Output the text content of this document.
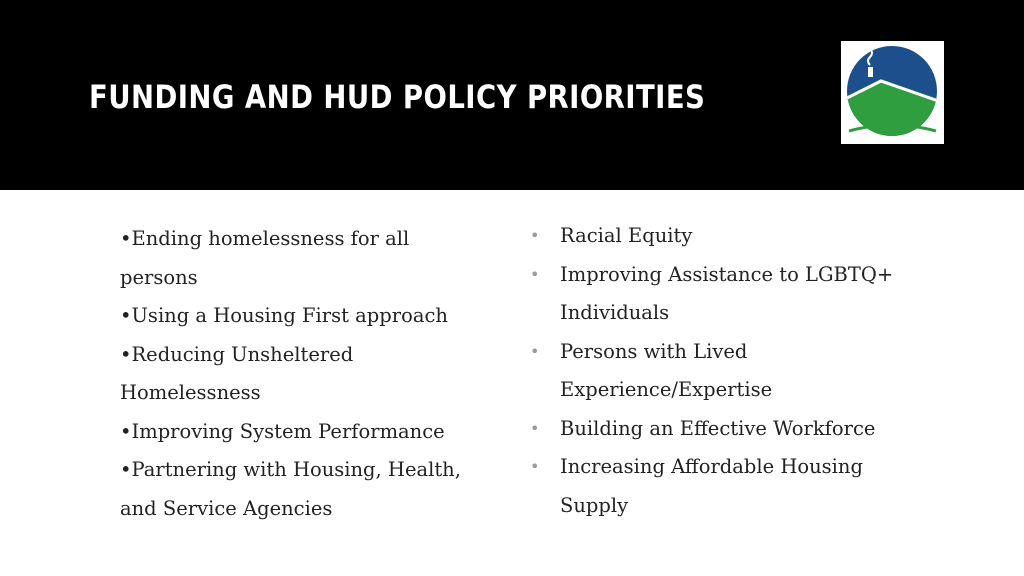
FUNDING AND HUD POLICY PRIORITIES
•Ending homelessness for all persons
•Using a Housing First approach
•Reducing Unsheltered Homelessness
•Improving System Performance
•Partnering with Housing, Health, and Service Agencies
• Racial Equity
• Improving Assistance to LGBTQ+ Individuals
• Persons with Lived Experience/Expertise
• Building an Effective Workforce
• Increasing Affordable Housing Supply
